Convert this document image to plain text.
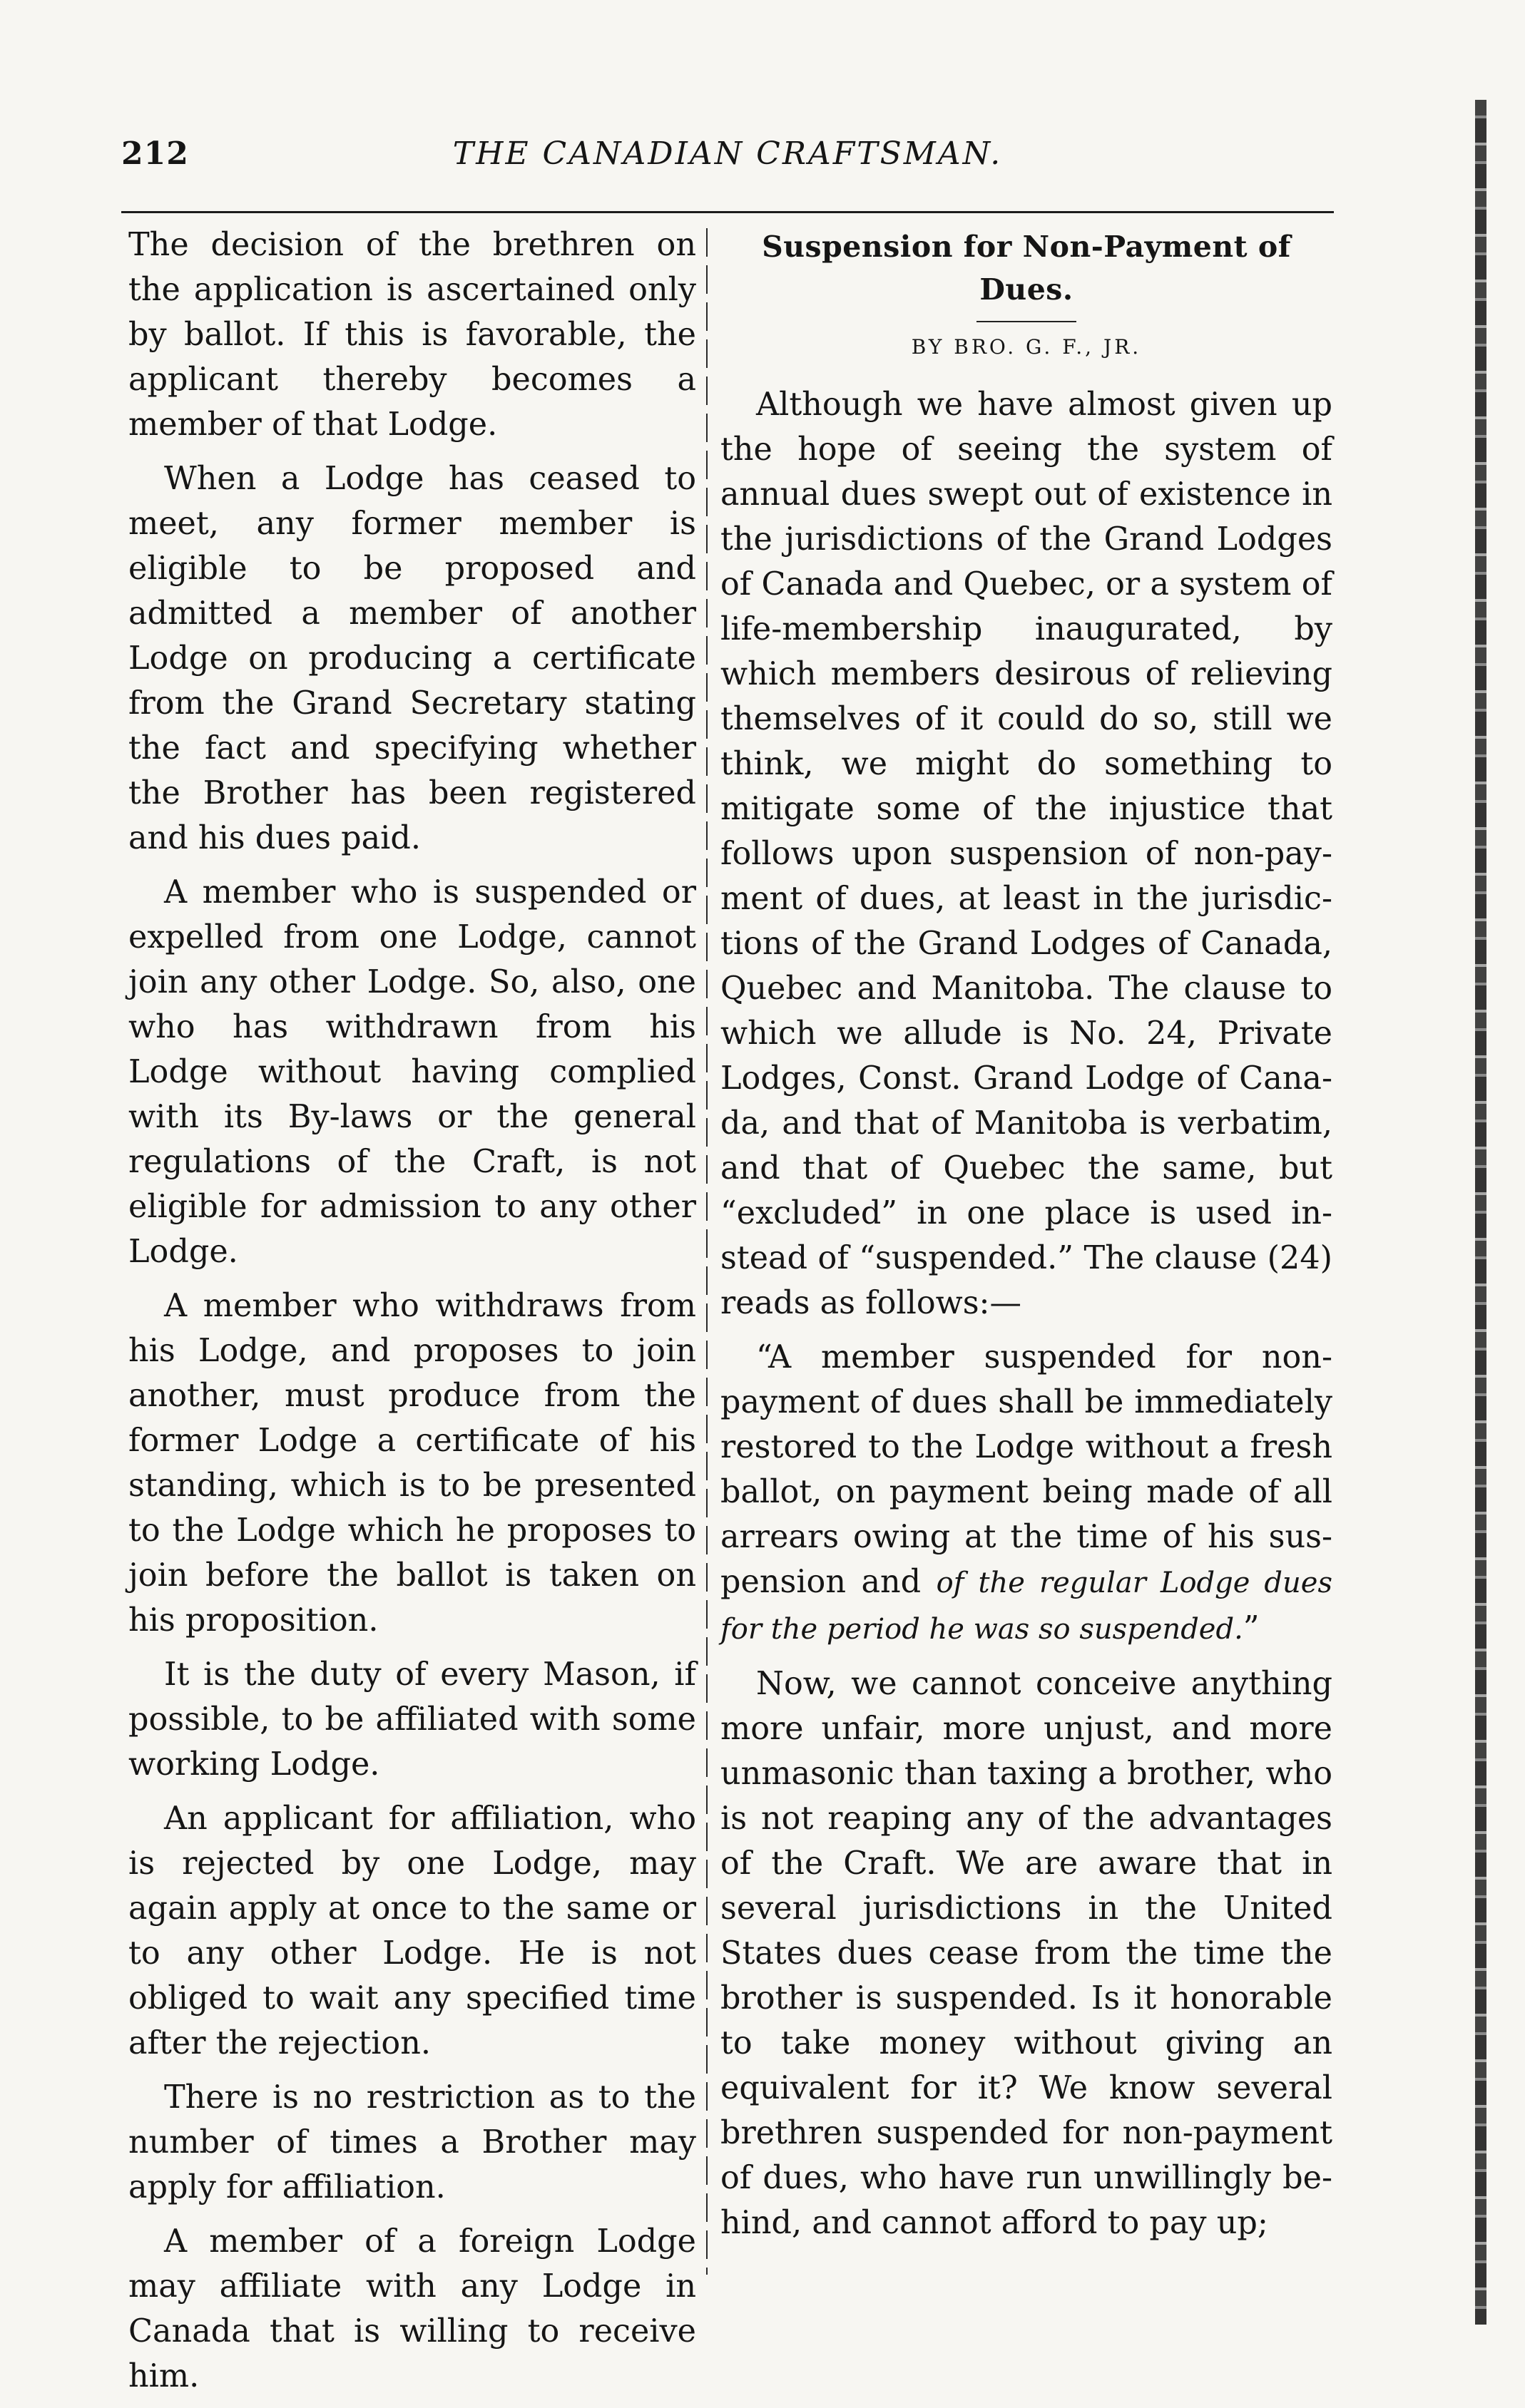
212	THE CANADIAN CRAFTSMAN.

The decision of the brethren on the application is ascertained only by ballot. If this is favorable, the applicant thereby becomes a member of that Lodge.

When a Lodge has ceased to meet, any former member is eligible to be proposed and admitted a member of another Lodge on producing a certificate from the Grand Secretary stating the fact and specifying whether the Brother has been registered and his dues paid.

A member who is suspended or expelled from one Lodge, cannot join any other Lodge. So, also, one who has withdrawn from his Lodge without having complied with its By-laws or the general regulations of the Craft, is not eligible for admission to any other Lodge.

A member who withdraws from his Lodge, and proposes to join another, must produce from the former Lodge a certificate of his standing, which is to be presented to the Lodge which he proposes to join before the ballot is taken on his proposition.

It is the duty of every Mason, if possible, to be affiliated with some working Lodge.

An applicant for affiliation, who is rejected by one Lodge, may again apply at once to the same or to any other Lodge. He is not obliged to wait any specified time after the rejection.

There is no restriction as to the number of times a Brother may apply for affiliation.

A member of a foreign Lodge may affiliate with any Lodge in Canada that is willing to receive him.

Suspension for Non-Payment of Dues.
BY BRO. G. F., JR.

Although we have almost given up the hope of seeing the system of annual dues swept out of existence in the jurisdictions of the Grand Lodges of Canada and Quebec, or a system of life-membership inaugurated, by which members desirous of relieving themselves of it could do so, still we think, we might do something to mitigate some of the injustice that follows upon suspension of non-payment of dues, at least in the jurisdictions of the Grand Lodges of Canada, Quebec and Manitoba. The clause to which we allude is No. 24, Private Lodges, Const. Grand Lodge of Canada, and that of Manitoba is verbatim, and that of Quebec the same, but “excluded” in one place is used instead of “suspended.” The clause (24) reads as follows:—

“A member suspended for non-payment of dues shall be immediately restored to the Lodge without a fresh ballot, on payment being made of all arrears owing at the time of his suspension and of the regular Lodge dues for the period he was so suspended.”

Now, we cannot conceive anything more unfair, more unjust, and more unmasonic than taxing a brother, who is not reaping any of the advantages of the Craft. We are aware that in several jurisdictions in the United States dues cease from the time the brother is suspended. Is it honorable to take money without giving an equivalent for it? We know several brethren suspended for non-payment of dues, who have run unwillingly behind, and cannot afford to pay up;
